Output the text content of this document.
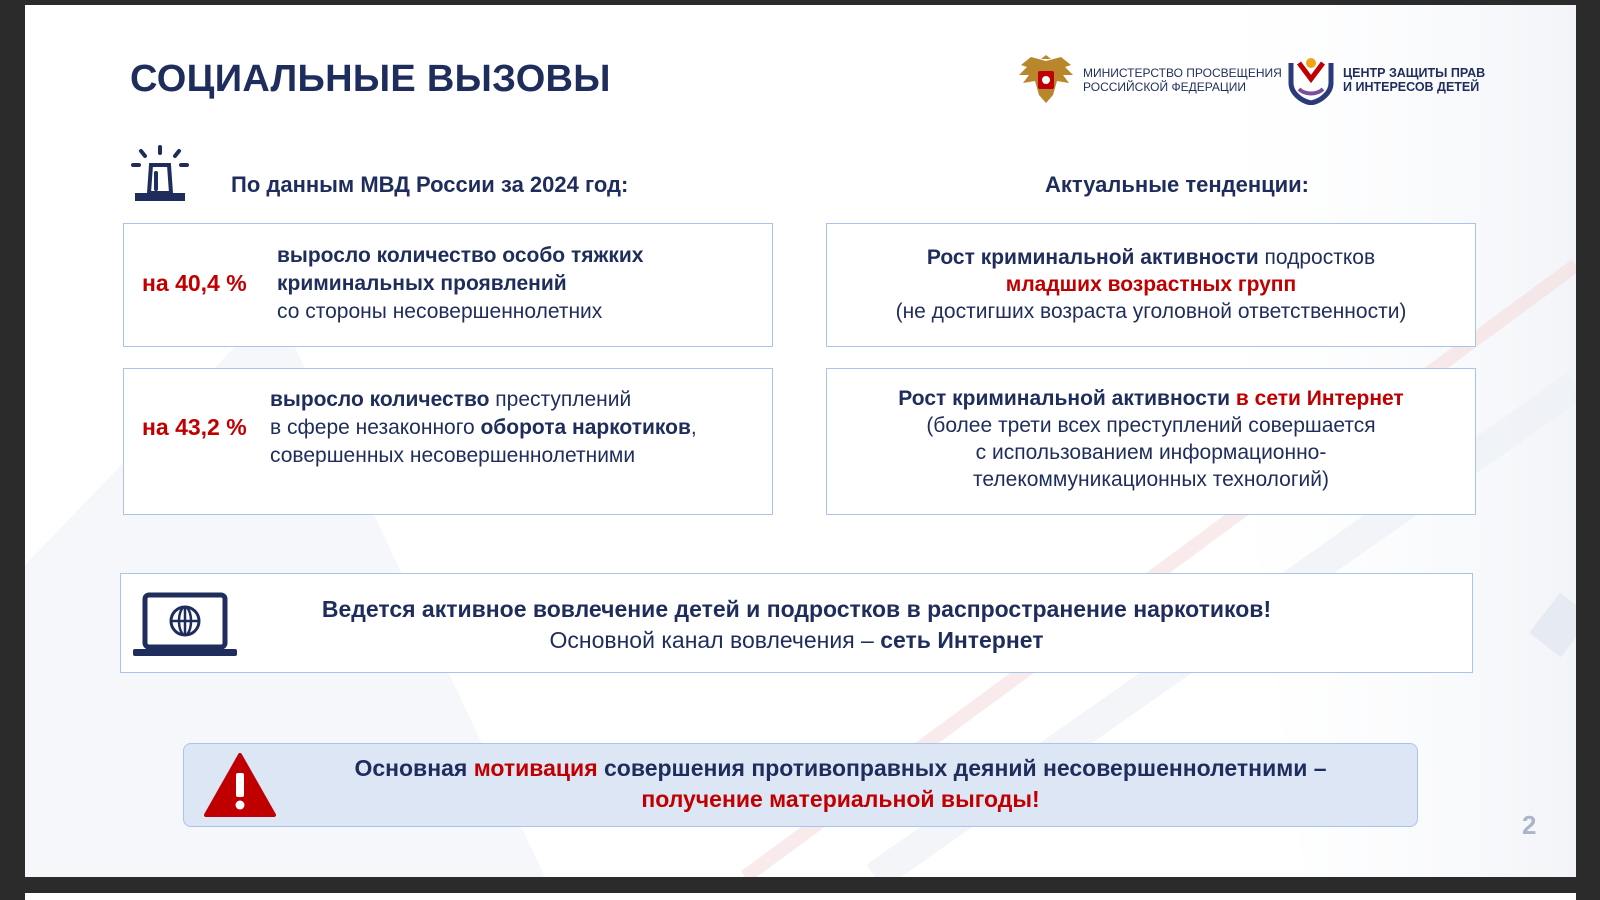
СОЦИАЛЬНЫЕ ВЫЗОВЫ	МИНИСТЕРСТВО ПРОСВЕЩЕНИЯ
РОССИЙСКОЙ ФЕДЕРАЦИИ
ЦЕНТР ЗАЩИТЫ ПРАВ
И ИНТЕРЕСОВ ДЕТЕЙ
По данным МВД России за 2024 год:	Актуальные тенденции:
на 40,4 %
выросло количество особо тяжких
криминальных проявлений
со стороны несовершеннолетних
на 43,2 %
выросло количество преступлений
в сфере незаконного оборота наркотиков,
совершенных несовершеннолетними
Рост криминальной активности подростков
младших возрастных групп
(не достигших возраста уголовной ответственности)
Рост криминальной активности в сети Интернет
(более трети всех преступлений совершается
с использованием информационно-
телекоммуникационных технологий)
Ведется активное вовлечение детей и подростков в распространение наркотиков!
Основной канал вовлечения – сеть Интернет
Основная мотивация совершения противоправных деяний несовершеннолетними –
получение материальной выгоды!
2
